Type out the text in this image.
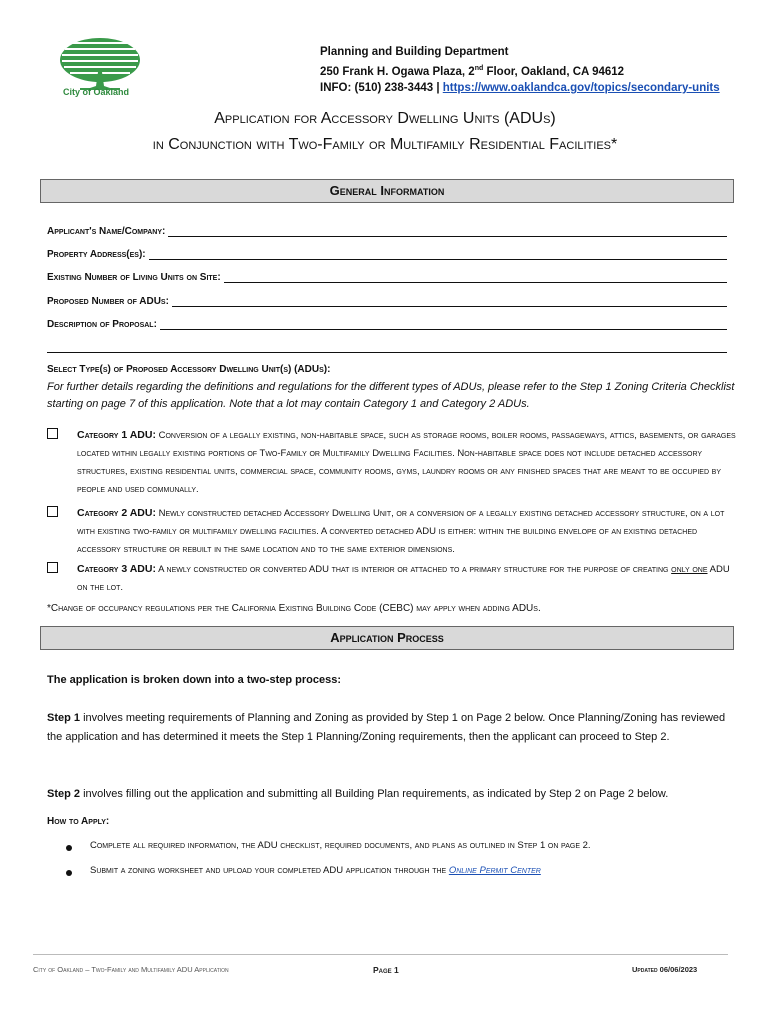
City of Oakland
Planning and Building Department
250 Frank H. Ogawa Plaza, 2nd Floor, Oakland, CA 94612
INFO: (510) 238-3443 | https://www.oaklandca.gov/topics/secondary-units
Application for Accessory Dwelling Units (ADUs)
in Conjunction with Two-Family or Multifamily Residential Facilities*
General Information
Applicant's Name/Company:
Property Address(es):
Existing Number of Living Units on Site:
Proposed Number of ADUs:
Description of Proposal:
Select Type(s) of Proposed Accessory Dwelling Unit(s) (ADUs):
For further details regarding the definitions and regulations for the different types of ADUs, please refer to the Step 1 Zoning Criteria Checklist starting on page 7 of this application. Note that a lot may contain Category 1 and Category 2 ADUs.
Category 1 ADU: Conversion of a legally existing, non-habitable space, such as storage rooms, boiler rooms, passageways, attics, basements, or garages located within legally existing portions of Two-Family or Multifamily Dwelling Facilities. Non-habitable space does not include detached accessory structures, existing residential units, commercial space, community rooms, gyms, laundry rooms or any finished spaces that are meant to be occupied by people and used communally.
Category 2 ADU: Newly constructed detached Accessory Dwelling Unit, or a conversion of a legally existing detached accessory structure, on a lot with existing two-family or multifamily dwelling facilities. A converted detached ADU is either: within the building envelope of an existing detached accessory structure or rebuilt in the same location and to the same exterior dimensions.
Category 3 ADU: A newly constructed or converted ADU that is interior or attached to a primary structure for the purpose of creating only one ADU on the lot.
*Change of occupancy regulations per the California Existing Building Code (CEBC) may apply when adding ADUs.
Application Process
The application is broken down into a two-step process:
Step 1 involves meeting requirements of Planning and Zoning as provided by Step 1 on Page 2 below. Once Planning/Zoning has reviewed the application and has determined it meets the Step 1 Planning/Zoning requirements, then the applicant can proceed to Step 2.
Step 2 involves filling out the application and submitting all Building Plan requirements, as indicated by Step 2 on Page 2 below.
How to Apply:
Complete all required information, the ADU checklist, required documents, and plans as outlined in Step 1 on page 2.
Submit a zoning worksheet and upload your completed ADU application through the Online Permit Center
City of Oakland – Two-Family and Multifamily ADU Application	Page 1	Updated 06/06/2023
